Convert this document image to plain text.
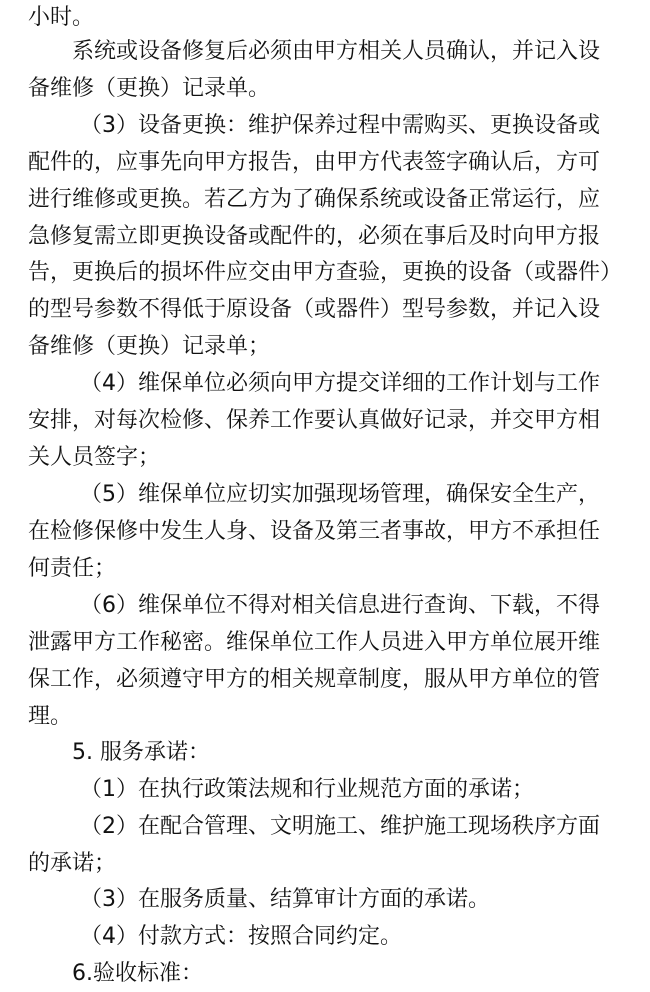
小时。
系统或设备修复后必须由甲方相关人员确认，并记入设
备维修（更换）记录单。
（3）设备更换：维护保养过程中需购买、更换设备或
配件的，应事先向甲方报告，由甲方代表签字确认后，方可
进行维修或更换。若乙方为了确保系统或设备正常运行，应
急修复需立即更换设备或配件的，必须在事后及时向甲方报
告，更换后的损坏件应交由甲方查验，更换的设备（或器件）
的型号参数不得低于原设备（或器件）型号参数，并记入设
备维修（更换）记录单；
（4）维保单位必须向甲方提交详细的工作计划与工作
安排，对每次检修、保养工作要认真做好记录，并交甲方相
关人员签字；
（5）维保单位应切实加强现场管理，确保安全生产，
在检修保修中发生人身、设备及第三者事故，甲方不承担任
何责任；
（6）维保单位不得对相关信息进行查询、下载，不得
泄露甲方工作秘密。维保单位工作人员进入甲方单位展开维
保工作，必须遵守甲方的相关规章制度，服从甲方单位的管
理。
5. 服务承诺：
（1）在执行政策法规和行业规范方面的承诺；
（2）在配合管理、文明施工、维护施工现场秩序方面
的承诺；
（3）在服务质量、结算审计方面的承诺。
（4）付款方式：按照合同约定。
6.验收标准：
